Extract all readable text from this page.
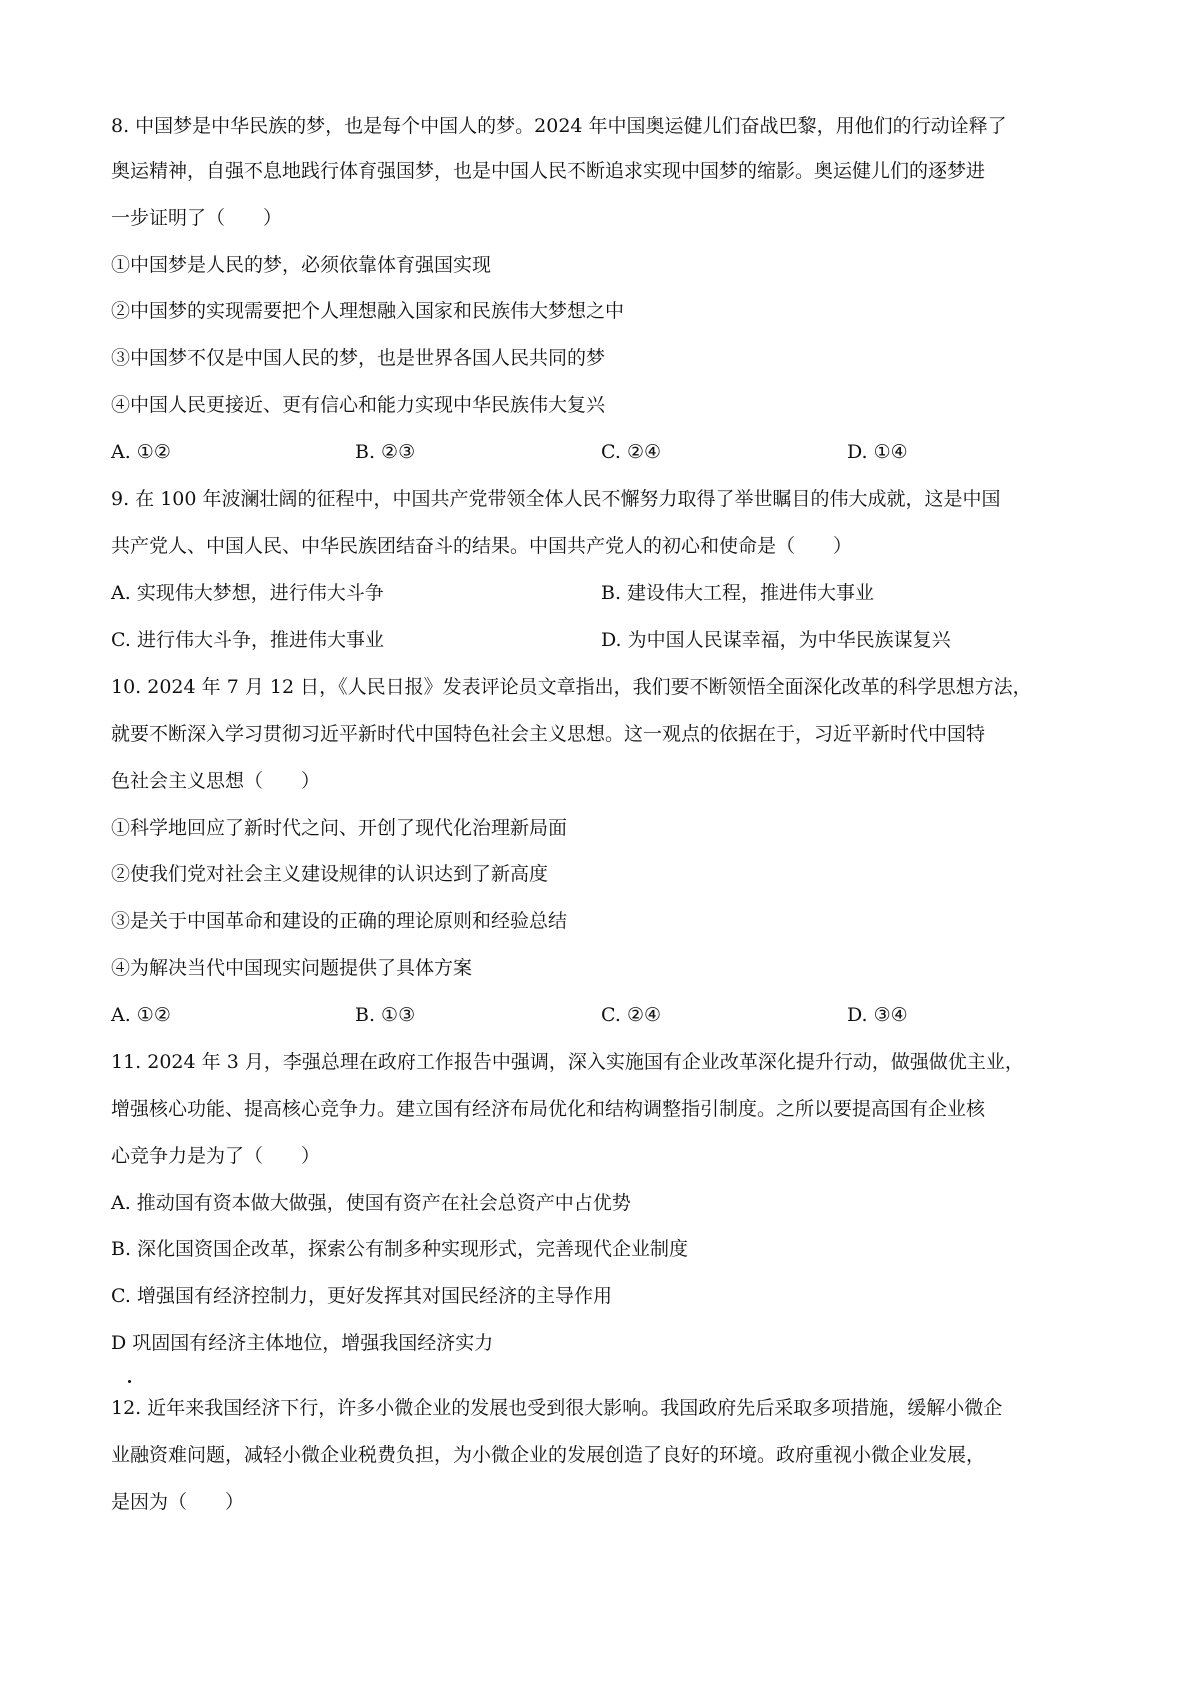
8. 中国梦是中华民族的梦，也是每个中国人的梦。2024 年中国奥运健儿们奋战巴黎，用他们的行动诠释了
奥运精神，自强不息地践行体育强国梦，也是中国人民不断追求实现中国梦的缩影。奥运健儿们的逐梦进
一步证明了（　　）
①中国梦是人民的梦，必须依靠体育强国实现
②中国梦的实现需要把个人理想融入国家和民族伟大梦想之中
③中国梦不仅是中国人民的梦，也是世界各国人民共同的梦
④中国人民更接近、更有信心和能力实现中华民族伟大复兴
A. ①②	B. ②③	C. ②④	D. ①④
9. 在 100 年波澜壮阔的征程中，中国共产党带领全体人民不懈努力取得了举世瞩目的伟大成就，这是中国
共产党人、中国人民、中华民族团结奋斗的结果。中国共产党人的初心和使命是（　　）
A. 实现伟大梦想，进行伟大斗争	B. 建设伟大工程，推进伟大事业
C. 进行伟大斗争，推进伟大事业	D. 为中国人民谋幸福，为中华民族谋复兴
10. 2024 年 7 月 12 日，《人民日报》发表评论员文章指出，我们要不断领悟全面深化改革的科学思想方法，
就要不断深入学习贯彻习近平新时代中国特色社会主义思想。这一观点的依据在于，习近平新时代中国特
色社会主义思想（　　）
①科学地回应了新时代之问、开创了现代化治理新局面
②使我们党对社会主义建设规律的认识达到了新高度
③是关于中国革命和建设的正确的理论原则和经验总结
④为解决当代中国现实问题提供了具体方案
A. ①②	B. ①③	C. ②④	D. ③④
11. 2024 年 3 月，李强总理在政府工作报告中强调，深入实施国有企业改革深化提升行动，做强做优主业，
增强核心功能、提高核心竞争力。建立国有经济布局优化和结构调整指引制度。之所以要提高国有企业核
心竞争力是为了（　　）
A. 推动国有资本做大做强，使国有资产在社会总资产中占优势
B. 深化国资国企改革，探索公有制多种实现形式，完善现代企业制度
C. 增强国有经济控制力，更好发挥其对国民经济的主导作用
D 巩固国有经济主体地位，增强我国经济实力
12. 近年来我国经济下行，许多小微企业的发展也受到很大影响。我国政府先后采取多项措施，缓解小微企
业融资难问题，减轻小微企业税费负担，为小微企业的发展创造了良好的环境。政府重视小微企业发展，
是因为（　　）
